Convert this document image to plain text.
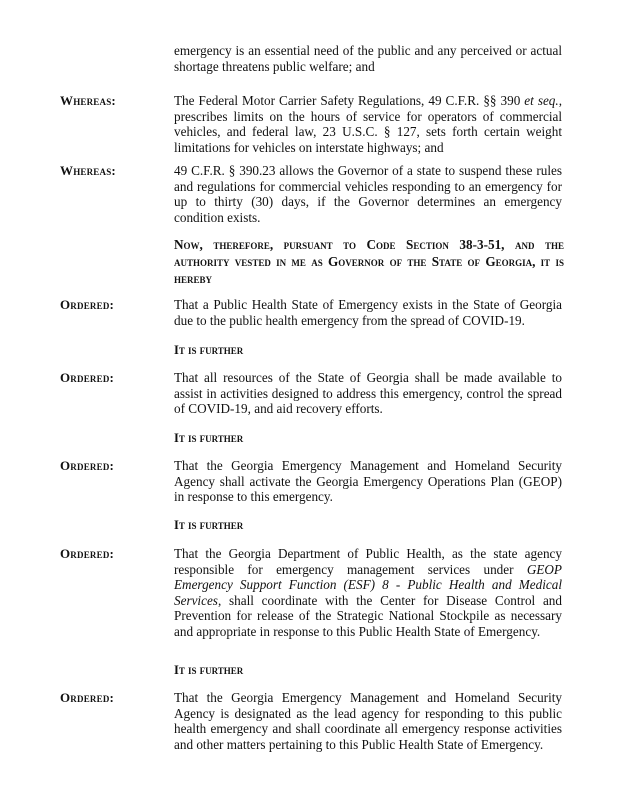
emergency is an essential need of the public and any perceived or actual shortage threatens public welfare; and
Whereas:	The Federal Motor Carrier Safety Regulations, 49 C.F.R. §§ 390 et seq., prescribes limits on the hours of service for operators of commercial vehicles, and federal law, 23 U.S.C. § 127, sets forth certain weight limitations for vehicles on interstate highways; and
Whereas:	49 C.F.R. § 390.23 allows the Governor of a state to suspend these rules and regulations for commercial vehicles responding to an emergency for up to thirty (30) days, if the Governor determines an emergency condition exists.
Now, therefore, pursuant to Code Section 38-3-51, and the authority vested in me as Governor of the State of Georgia, it is hereby
Ordered:	That a Public Health State of Emergency exists in the State of Georgia due to the public health emergency from the spread of COVID-19.
It is further
Ordered:	That all resources of the State of Georgia shall be made available to assist in activities designed to address this emergency, control the spread of COVID-19, and aid recovery efforts.
It is further
Ordered:	That the Georgia Emergency Management and Homeland Security Agency shall activate the Georgia Emergency Operations Plan (GEOP) in response to this emergency.
It is further
Ordered:	That the Georgia Department of Public Health, as the state agency responsible for emergency management services under GEOP Emergency Support Function (ESF) 8 - Public Health and Medical Services, shall coordinate with the Center for Disease Control and Prevention for release of the Strategic National Stockpile as necessary and appropriate in response to this Public Health State of Emergency.
It is further
Ordered:	That the Georgia Emergency Management and Homeland Security Agency is designated as the lead agency for responding to this public health emergency and shall coordinate all emergency response activities and other matters pertaining to this Public Health State of Emergency.
